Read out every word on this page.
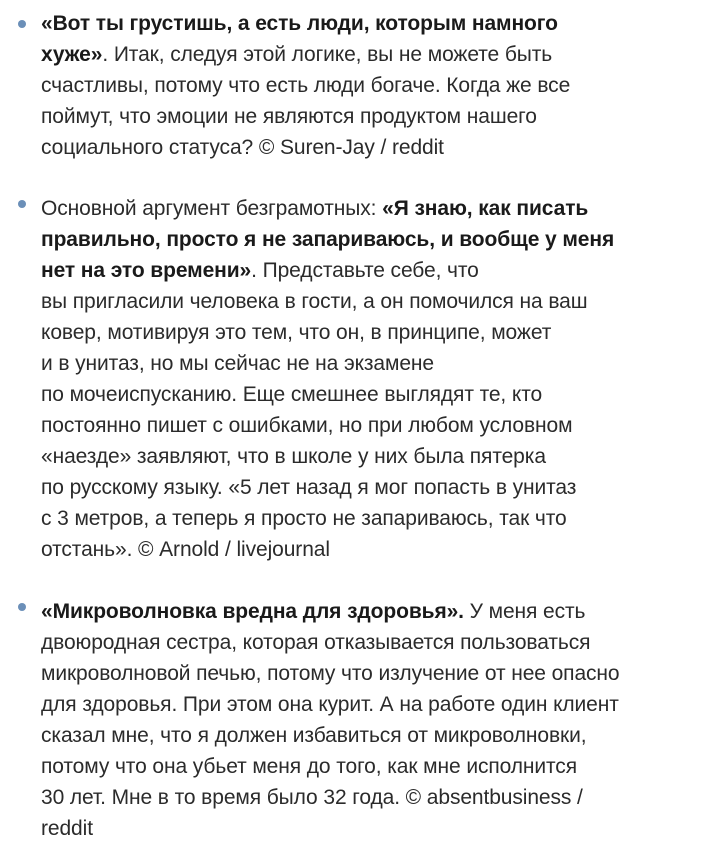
«Вот ты грустишь, а есть люди, которым намного
хуже». Итак, следуя этой логике, вы не можете быть
счастливы, потому что есть люди богаче. Когда же все
поймут, что эмоции не являются продуктом нашего
социального статуса? © Suren-Jay / reddit

Основной аргумент безграмотных: «Я знаю, как писать
правильно, просто я не запариваюсь, и вообще у меня
нет на это времени». Представьте себе, что
вы пригласили человека в гости, а он помочился на ваш
ковер, мотивируя это тем, что он, в принципе, может
и в унитаз, но мы сейчас не на экзамене
по мочеиспусканию. Еще смешнее выглядят те, кто
постоянно пишет с ошибками, но при любом условном
«наезде» заявляют, что в школе у них была пятерка
по русскому языку. «5 лет назад я мог попасть в унитаз
с 3 метров, а теперь я просто не запариваюсь, так что
отстань». © Arnold / livejournal

«Микроволновка вредна для здоровья». У меня есть
двоюродная сестра, которая отказывается пользоваться
микроволновой печью, потому что излучение от нее опасно
для здоровья. При этом она курит. А на работе один клиент
сказал мне, что я должен избавиться от микроволновки,
потому что она убьет меня до того, как мне исполнится
30 лет. Мне в то время было 32 года. © absentbusiness /
reddit
